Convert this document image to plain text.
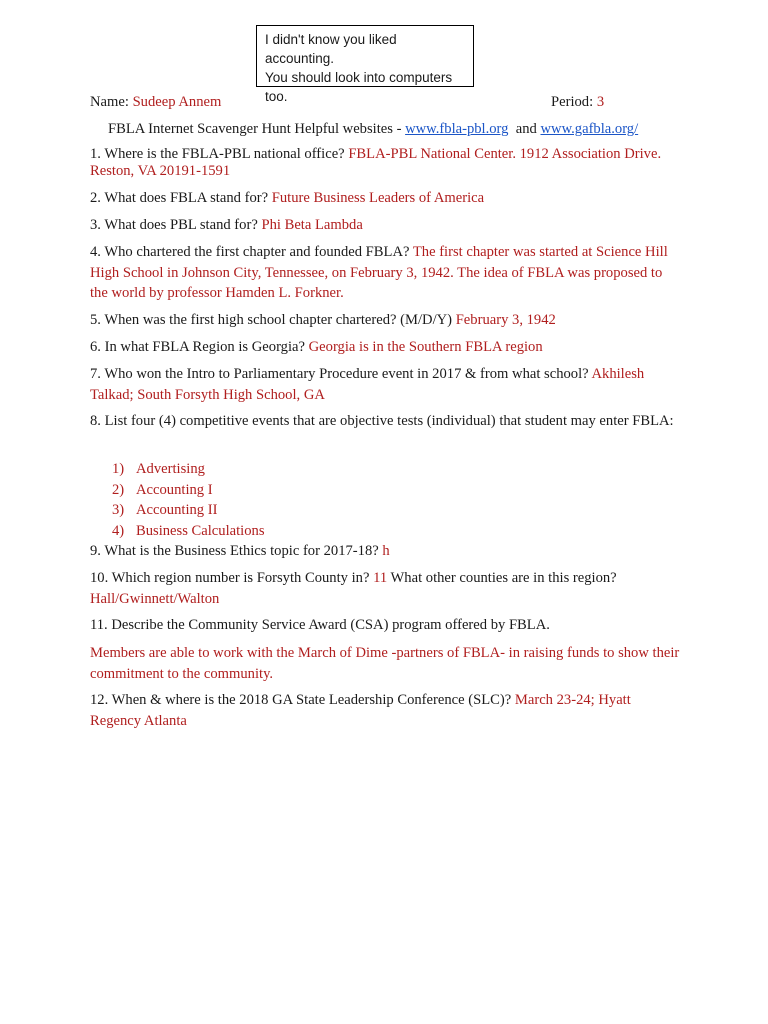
I didn't know you liked accounting.
You should look into computers
too.
Name: Sudeep Annem	Period: 3
FBLA Internet Scavenger Hunt Helpful websites - www.fbla-pbl.org and www.gafbla.org/
1. Where is the FBLA-PBL national office? FBLA-PBL National Center. 1912 Association Drive. Reston, VA 20191-1591
2. What does FBLA stand for? Future Business Leaders of America
3. What does PBL stand for? Phi Beta Lambda
4. Who chartered the first chapter and founded FBLA? The first chapter was started at Science Hill High School in Johnson City, Tennessee, on February 3, 1942. The idea of FBLA was proposed to the world by professor Hamden L. Forkner.
5. When was the first high school chapter chartered? (M/D/Y) February 3, 1942
6. In what FBLA Region is Georgia? Georgia is in the Southern FBLA region
7. Who won the Intro to Parliamentary Procedure event in 2017 & from what school? Akhilesh Talkad; South Forsyth High School, GA
8. List four (4) competitive events that are objective tests (individual) that student may enter FBLA:
1) Advertising
2) Accounting I
3) Accounting II
4) Business Calculations
9. What is the Business Ethics topic for 2017-18? h
10. Which region number is Forsyth County in? 11 What other counties are in this region? Hall/Gwinnett/Walton
11. Describe the Community Service Award (CSA) program offered by FBLA.
Members are able to work with the March of Dime -partners of FBLA- in raising funds to show their commitment to the community.
12. When & where is the 2018 GA State Leadership Conference (SLC)? March 23-24; Hyatt Regency Atlanta
